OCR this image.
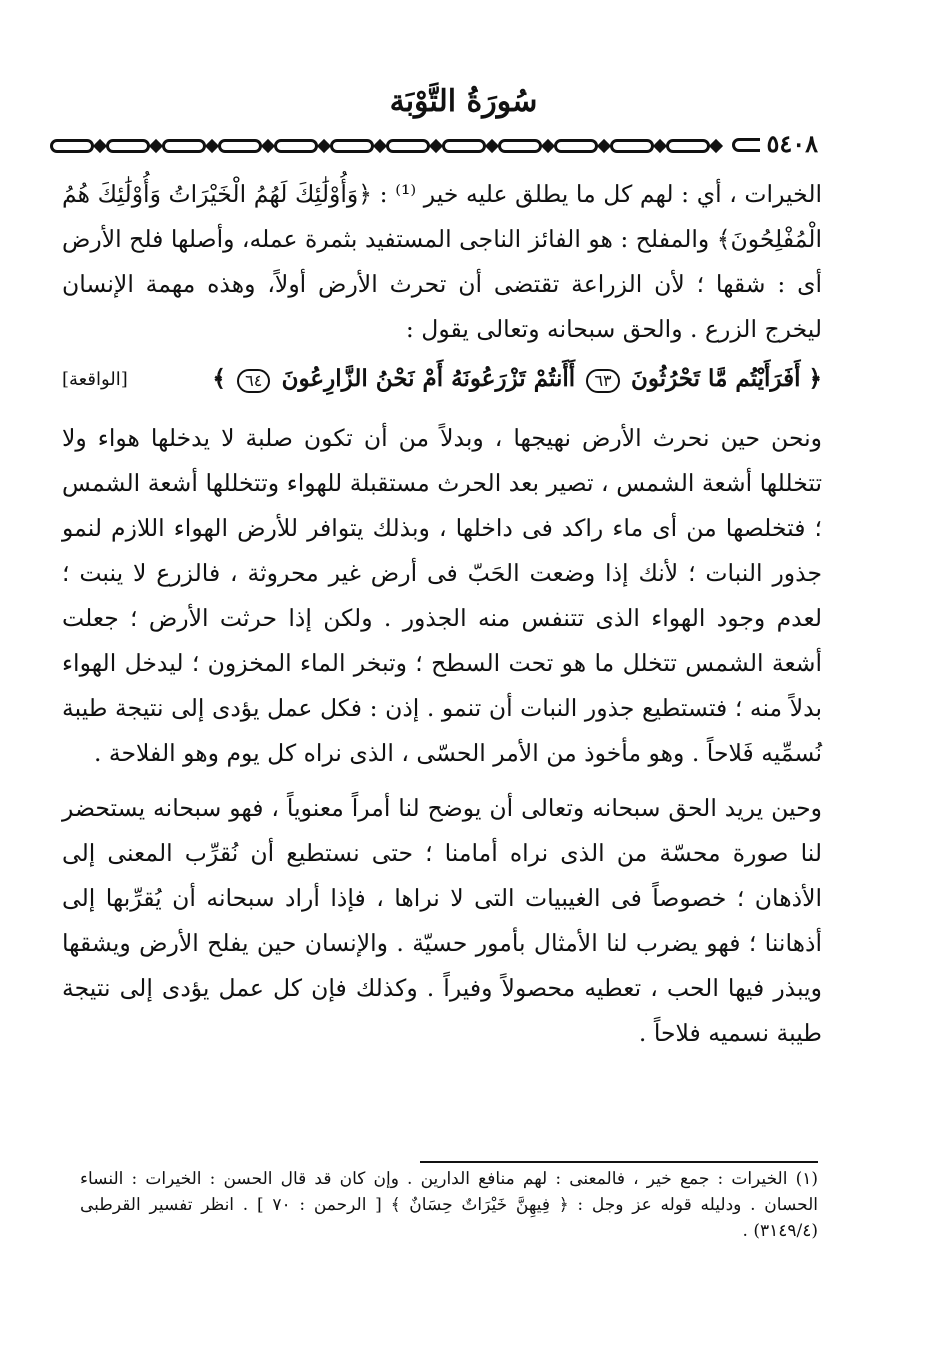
سُورَةُ التَّوْبَة
٥٤٠٨

الخيرات ، أي : لهم كل ما يطلق عليه خير ⁽¹⁾ : ﴿وَأُوْلَٰئِكَ لَهُمُ الْخَيْرَاتُ وَأُوْلَٰئِكَ هُمُ الْمُفْلِحُونَ﴾ والمفلح : هو الفائز الناجى المستفيد بثمرة عمله، وأصلها فلح الأرض أى : شقها ؛ لأن الزراعة تقتضى أن تحرث الأرض أولاً، وهذه مهمة الإنسان ليخرج الزرع . والحق سبحانه وتعالى يقول :

﴿ أَفَرَأَيْتُم مَّا تَحْرُثُونَ ٦٣ أَأَنتُمْ تَزْرَعُونَهُ أَمْ نَحْنُ الزَّارِعُونَ ٦٤ ﴾
[الواقعة]

ونحن حين نحرث الأرض نهيجها ، وبدلاً من أن تكون صلبة لا يدخلها هواء ولا تتخللها أشعة الشمس ، تصير بعد الحرث مستقبلة للهواء وتتخللها أشعة الشمس ؛ فتخلصها من أى ماء راكد فى داخلها ، وبذلك يتوافر للأرض الهواء اللازم لنمو جذور النبات ؛ لأنك إذا وضعت الحَبّ فى أرض غير محروثة ، فالزرع لا ينبت ؛ لعدم وجود الهواء الذى تتنفس منه الجذور . ولكن إذا حرثت الأرض ؛ جعلت أشعة الشمس تتخلل ما هو تحت السطح ؛ وتبخر الماء المخزون ؛ ليدخل الهواء بدلاً منه ؛ فتستطيع جذور النبات أن تنمو . إذن : فكل عمل يؤدى إلى نتيجة طيبة نُسمِّيه فَلاحاً . وهو مأخوذ من الأمر الحسّى ، الذى نراه كل يوم وهو الفلاحة .

وحين يريد الحق سبحانه وتعالى أن يوضح لنا أمراً معنوياً ، فهو سبحانه يستحضر لنا صورة محسّة من الذى نراه أمامنا ؛ حتى نستطيع أن نُقرِّب المعنى إلى الأذهان ؛ خصوصاً فى الغيبيات التى لا نراها ، فإذا أراد سبحانه أن يُقرِّبها إلى أذهاننا ؛ فهو يضرب لنا الأمثال بأمور حسيّة . والإنسان حين يفلح الأرض ويشقها ويبذر فيها الحب ، تعطيه محصولاً وفيراً . وكذلك فإن كل عمل يؤدى إلى نتيجة طيبة نسميه فلاحاً .

(١) الخيرات : جمع خير ، فالمعنى : لهم منافع الدارين . وإن كان قد قال الحسن : الخيرات : النساء الحسان . ودليله قوله عز وجل : ﴿ فِيهِنَّ خَيْرَاتٌ حِسَانٌ ﴾ [ الرحمن : ٧٠ ] . انظر تفسير القرطبى (٣١٤٩/٤) .
